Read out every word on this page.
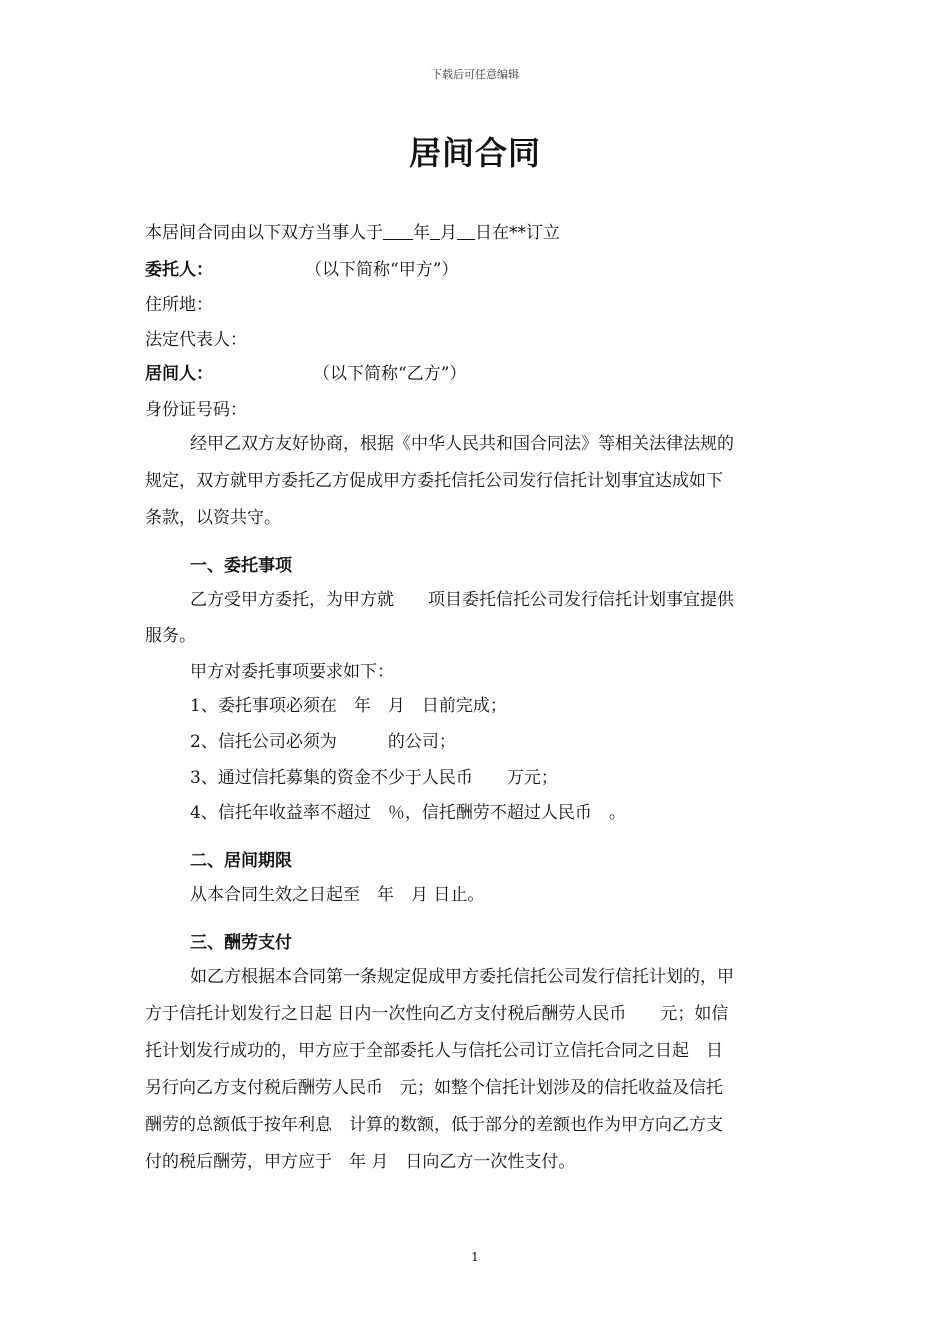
下载后可任意编辑
居间合同
本居间合同由以下双方当事人于 年 月 日在**订立
委托人：	（以下简称“甲方”）
住所地：
法定代表人：
居间人：	（以下简称“乙方”）
身份证号码：
经甲乙双方友好协商，根据《中华人民共和国合同法》等相关法律法规的
规定，双方就甲方委托乙方促成甲方委托信托公司发行信托计划事宜达成如下
条款，以资共守。
一、委托事项
乙方受甲方委托，为甲方就　　项目委托信托公司发行信托计划事宜提供
服务。
甲方对委托事项要求如下：
1、委托事项必须在　年　月　日前完成；
2、信托公司必须为　　　的公司；
3、通过信托募集的资金不少于人民币　　万元；
4、信托年收益率不超过　％，信托酬劳不超过人民币　。
二、居间期限
从本合同生效之日起至　年　月 日止。
三、酬劳支付
如乙方根据本合同第一条规定促成甲方委托信托公司发行信托计划的，甲
方于信托计划发行之日起 日内一次性向乙方支付税后酬劳人民币　　元；如信
托计划发行成功的，甲方应于全部委托人与信托公司订立信托合同之日起　日
另行向乙方支付税后酬劳人民币　元；如整个信托计划涉及的信托收益及信托
酬劳的总额低于按年利息　计算的数额，低于部分的差额也作为甲方向乙方支
付的税后酬劳，甲方应于　年 月　日向乙方一次性支付。
1
